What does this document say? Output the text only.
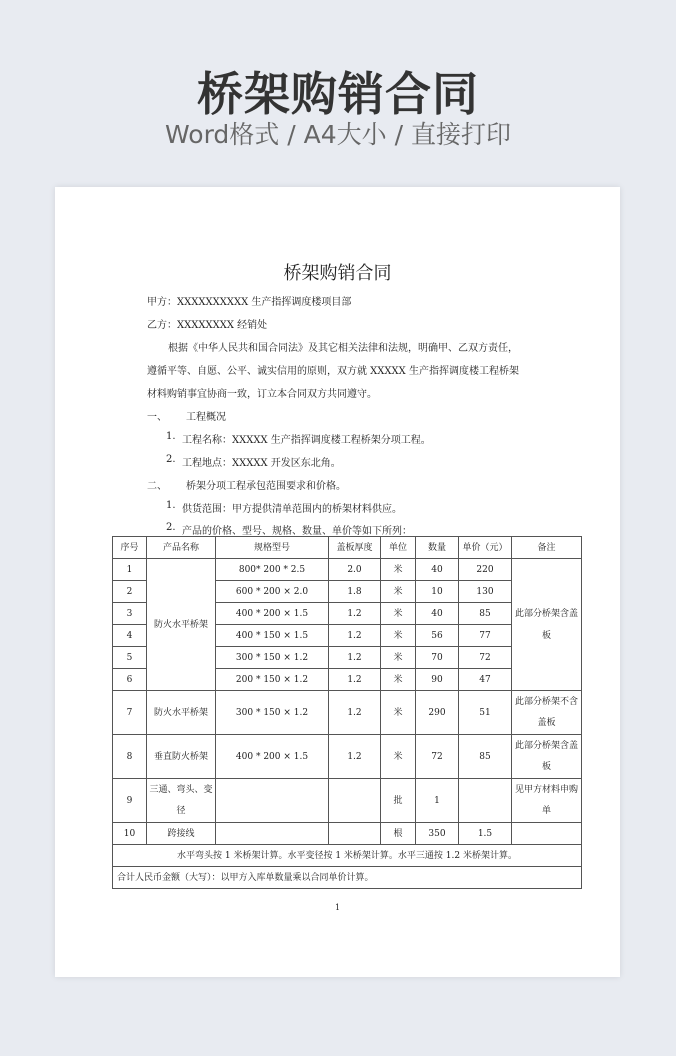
桥架购销合同
Word格式 / A4大小 / 直接打印
桥架购销合同
甲方：XXXXXXXXXX 生产指挥调度楼项目部
乙方：XXXXXXXX 经销处
根据《中华人民共和国合同法》及其它相关法律和法规，明确甲、乙双方责任，
遵循平等、自愿、公平、诚实信用的原则，双方就 XXXXX 生产指挥调度楼工程桥架
材料购销事宜协商一致，订立本合同双方共同遵守。
一、 工程概况
1. 工程名称：XXXXX 生产指挥调度楼工程桥架分项工程。
2. 工程地点：XXXXX 开发区东北角。
二、 桥架分项工程承包范围要求和价格。
1. 供货范围：甲方提供清单范围内的桥架材料供应。
2. 产品的价格、型号、规格、数量、单价等如下所列：
序号	产品名称	规格型号	盖板厚度	单位	数量	单价（元）	备注
1	防火水平桥架	800* 200 * 2.5	2.0	米	40	220	此部分桥架含盖板
2		600 * 200 × 2.0	1.8	米	10	130	
3		400 * 200 × 1.5	1.2	米	40	85	
4		400 * 150 × 1.5	1.2	米	56	77	
5		300 * 150 × 1.2	1.2	米	70	72	
6		200 * 150 × 1.2	1.2	米	90	47	
7	防火水平桥架	300 * 150 × 1.2	1.2	米	290	51	此部分桥架不含盖板
8	垂直防火桥架	400 * 200 × 1.5	1.2	米	72	85	此部分桥架含盖板
9	三通、弯头、变径			批	1		见甲方材料申购单
10	跨接线			根	350	1.5	
水平弯头按 1 米桥架计算。水平变径按 1 米桥架计算。水平三通按 1.2 米桥架计算。							
合计人民币金额（大写）：以甲方入库单数量乘以合同单价计算。							
1
